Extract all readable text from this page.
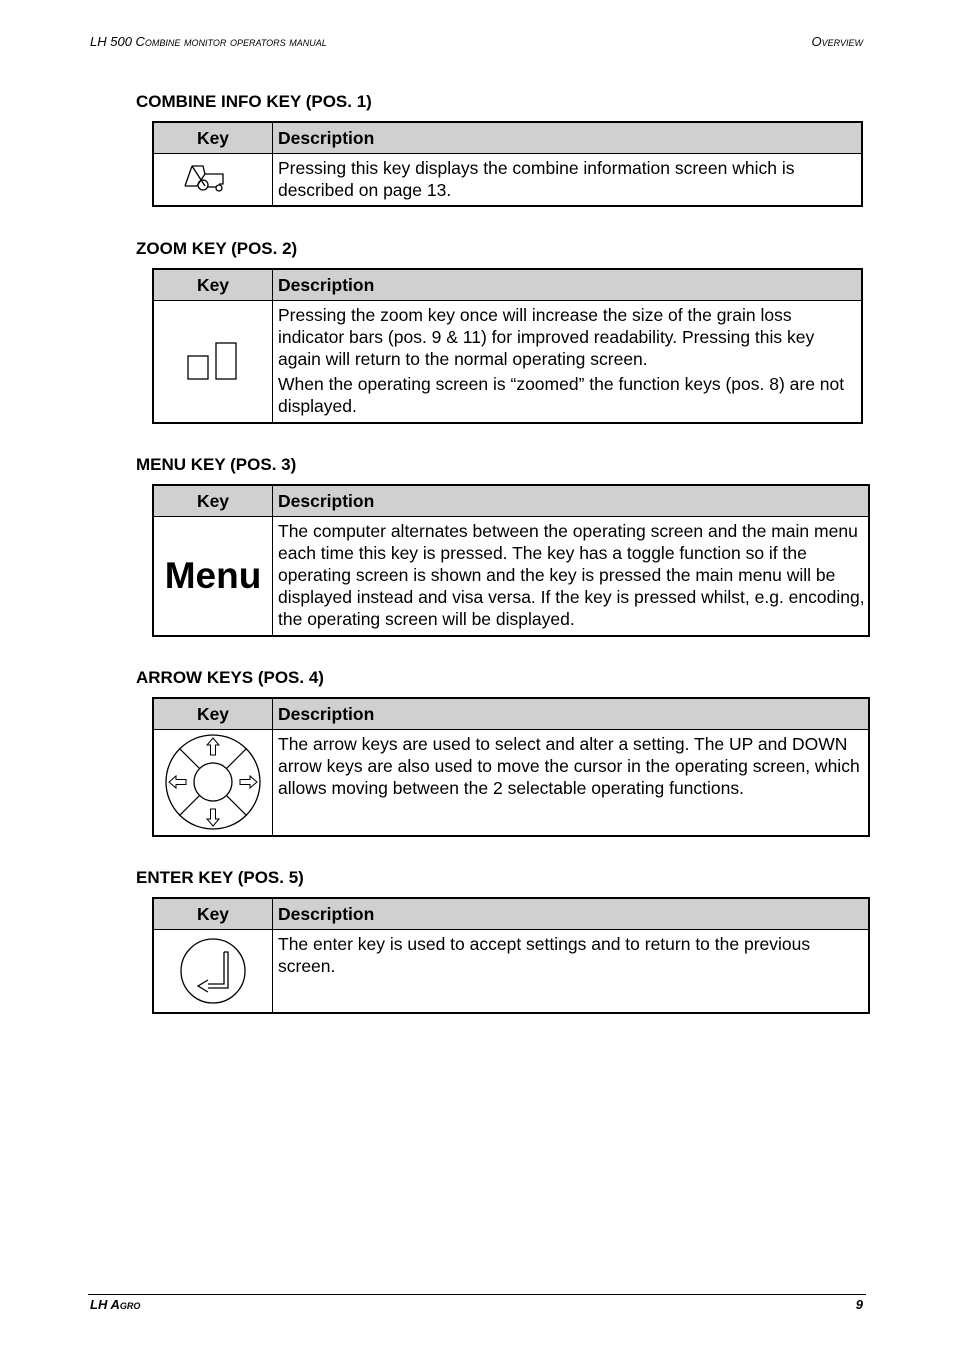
LH 500 Combine monitor operators manual	Overview
COMBINE INFO KEY (POS. 1)
Key	Description

Pressing this key displays the combine information screen which is described on page 13.

ZOOM KEY (POS. 2)
Key	Description

Pressing the zoom key once will increase the size of the grain loss indicator bars (pos. 9 & 11) for improved readability. Pressing this key again will return to the normal operating screen.

When the operating screen is “zoomed” the function keys (pos. 8) are not displayed.

MENU KEY (POS. 3)
Key	Description
Menu	The computer alternates between the operating screen and the main menu each time this key is pressed. The key has a toggle function so if the operating screen is shown and the key is pressed the main menu will be displayed instead and visa versa. If the key is pressed whilst, e.g. encoding, the operating screen will be displayed.

ARROW KEYS (POS. 4)
Key	Description

The arrow keys are used to select and alter a setting. The UP and DOWN arrow keys are also used to move the cursor in the operating screen, which allows moving between the 2 selectable operating functions.

ENTER KEY (POS. 5)
Key	Description

The enter key is used to accept settings and to return to the previous screen.

LH Agro	9
